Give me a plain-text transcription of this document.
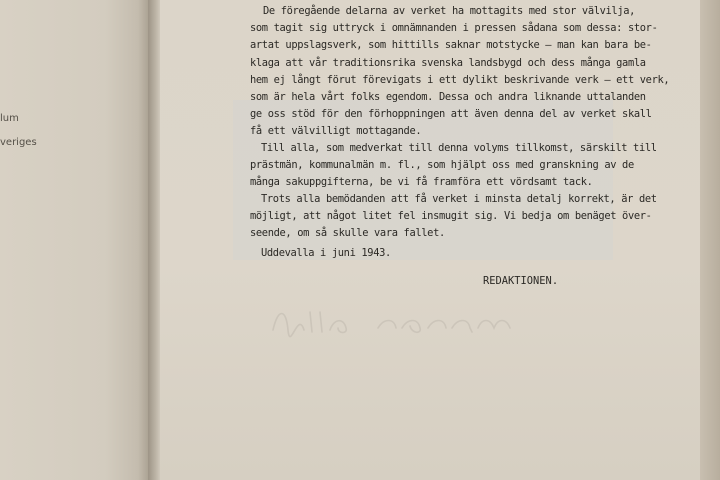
lum
veriges
De föregående delarna av verket ha mottagits med stor välvilja,
som tagit sig uttryck i omnämnanden i pressen sådana som dessa: stor-
artat uppslagsverk, som hittills saknar motstycke — man kan bara be-
klaga att vår traditionsrika svenska landsbygd och dess många gamla
hem ej långt förut förevigats i ett dylikt beskrivande verk — ett verk,
som är hela vårt folks egendom. Dessa och andra liknande uttalanden
ge oss stöd för den förhoppningen att även denna del av verket skall
få ett välvilligt mottagande.
Till alla, som medverkat till denna volyms tillkomst, särskilt till
prästmän, kommunalmän m. fl., som hjälpt oss med granskning av de
många sakuppgifterna, be vi få framföra ett vördsamt tack.
Trots alla bemödanden att få verket i minsta detalj korrekt, är det
möjligt, att något litet fel insmugit sig. Vi bedja om benäget över-
seende, om så skulle vara fallet.
Uddevalla i juni 1943.
REDAKTIONEN.
